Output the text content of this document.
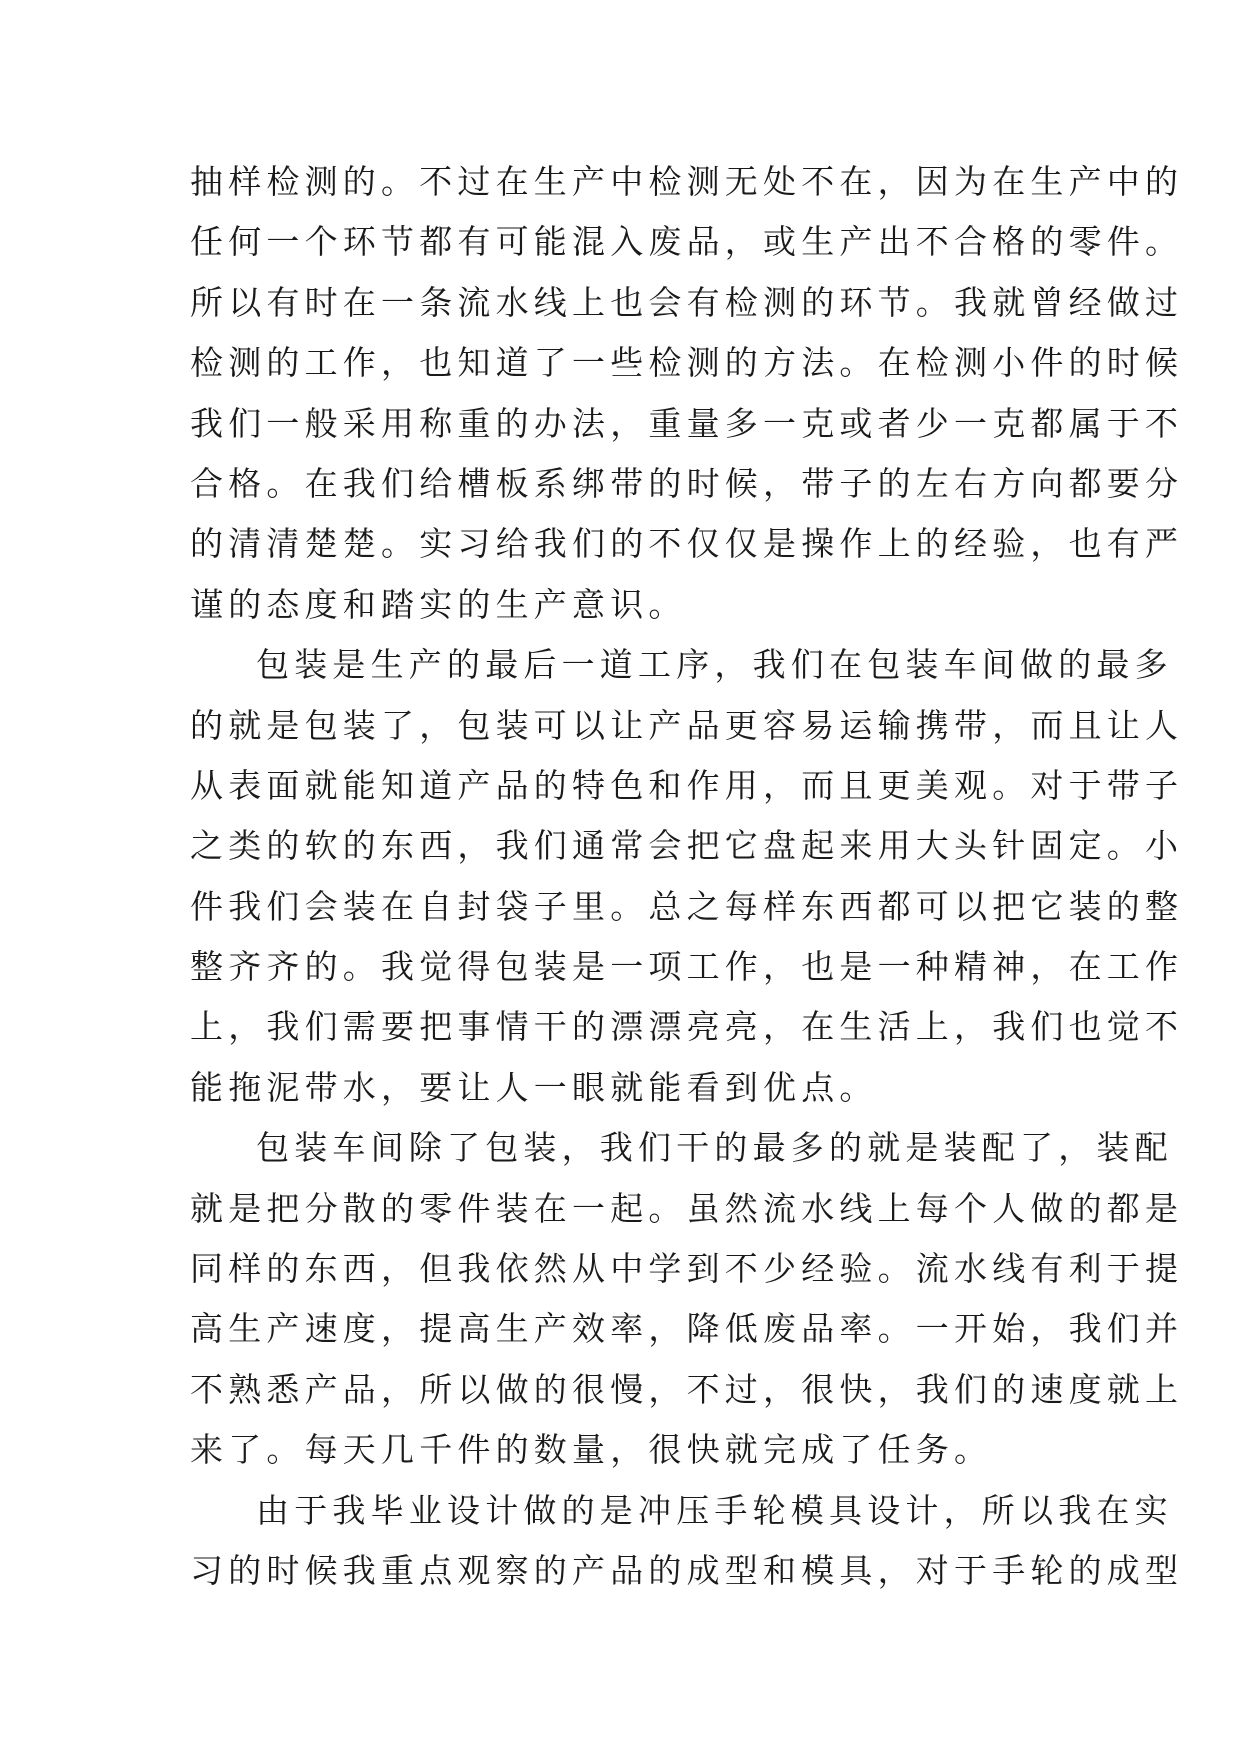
抽样检测的。不过在生产中检测无处不在，因为在生产中的
任何一个环节都有可能混入废品，或生产出不合格的零件。
所以有时在一条流水线上也会有检测的环节。我就曾经做过
检测的工作，也知道了一些检测的方法。在检测小件的时候
我们一般采用称重的办法，重量多一克或者少一克都属于不
合格。在我们给槽板系绑带的时候，带子的左右方向都要分
的清清楚楚。实习给我们的不仅仅是操作上的经验，也有严
谨的态度和踏实的生产意识。
包装是生产的最后一道工序，我们在包装车间做的最多
的就是包装了，包装可以让产品更容易运输携带，而且让人
从表面就能知道产品的特色和作用，而且更美观。对于带子
之类的软的东西，我们通常会把它盘起来用大头针固定。小
件我们会装在自封袋子里。总之每样东西都可以把它装的整
整齐齐的。我觉得包装是一项工作，也是一种精神，在工作
上，我们需要把事情干的漂漂亮亮，在生活上，我们也觉不
能拖泥带水，要让人一眼就能看到优点。
包装车间除了包装，我们干的最多的就是装配了，装配
就是把分散的零件装在一起。虽然流水线上每个人做的都是
同样的东西，但我依然从中学到不少经验。流水线有利于提
高生产速度，提高生产效率，降低废品率。一开始，我们并
不熟悉产品，所以做的很慢，不过，很快，我们的速度就上
来了。每天几千件的数量，很快就完成了任务。
由于我毕业设计做的是冲压手轮模具设计，所以我在实
习的时候我重点观察的产品的成型和模具，对于手轮的成型
